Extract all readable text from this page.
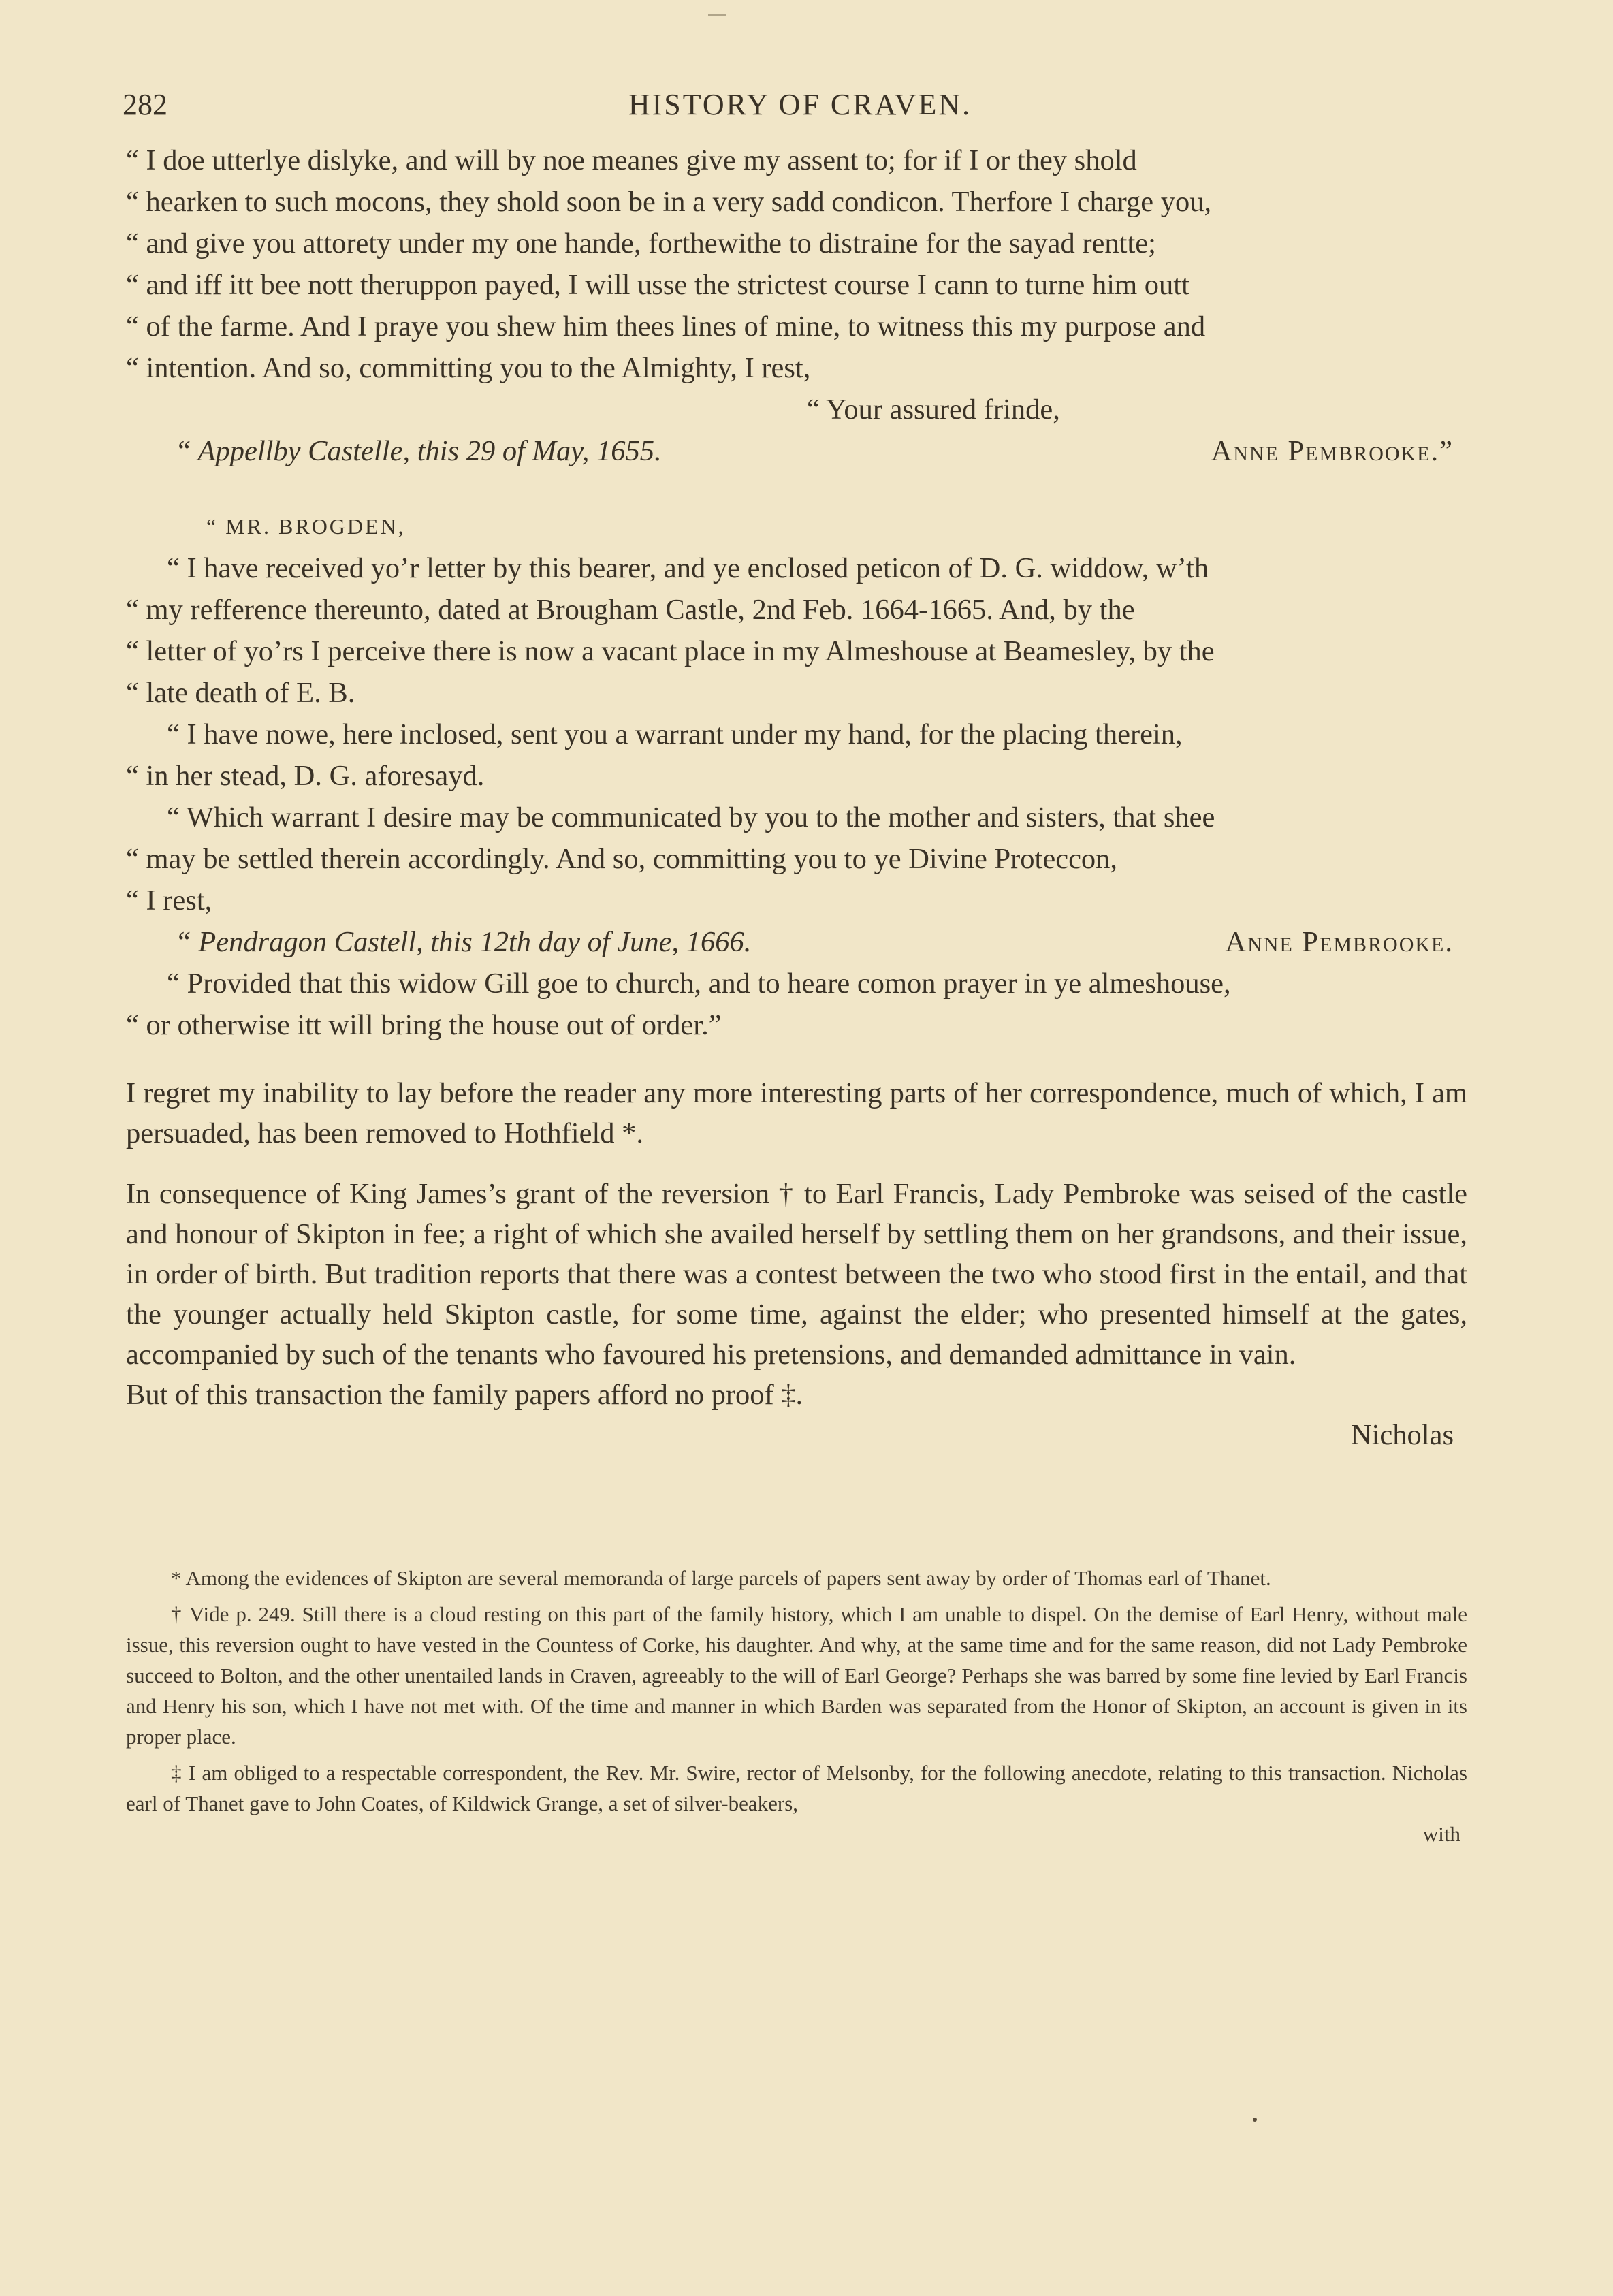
282	HISTORY OF CRAVEN.
“ I doe utterlye dislyke, and will by noe meanes give my assent to; for if I or they shold
“ hearken to such mocons, they shold soon be in a very sadd condicon. Therfore I charge you,
“ and give you attorety under my one hande, forthewithe to distraine for the sayad rentte;
“ and iff itt bee nott theruppon payed, I will usse the strictest course I cann to turne him outt
“ of the farme. And I praye you shew him thees lines of mine, to witness this my purpose and
“ intention. And so, committing you to the Almighty, I rest,
“ Your assured frinde,
“ Appellby Castelle, this 29 of May, 1655.	Anne Pembrooke.”
“ MR. BROGDEN,
“ I have received yo’r letter by this bearer, and ye enclosed peticon of D. G. widdow, w’th
“ my refference thereunto, dated at Brougham Castle, 2nd Feb. 1664-1665. And, by the
“ letter of yo’rs I perceive there is now a vacant place in my Almeshouse at Beamesley, by the
“ late death of E. B.
“ I have nowe, here inclosed, sent you a warrant under my hand, for the placing therein,
“ in her stead, D. G. aforesayd.
“ Which warrant I desire may be communicated by you to the mother and sisters, that shee
“ may be settled therein accordingly. And so, committing you to ye Divine Proteccon,
“ I rest,
“ Pendragon Castell, this 12th day of June, 1666.	Anne Pembrooke.
“ Provided that this widow Gill goe to church, and to heare comon prayer in ye almeshouse,
“ or otherwise itt will bring the house out of order.”

I regret my inability to lay before the reader any more interesting parts of her correspondence, much of which, I am persuaded, has been removed to Hothfield *.

In consequence of King James’s grant of the reversion † to Earl Francis, Lady Pembroke was seised of the castle and honour of Skipton in fee; a right of which she availed herself by settling them on her grandsons, and their issue, in order of birth. But tradition reports that there was a contest between the two who stood first in the entail, and that the younger actually held Skipton castle, for some time, against the elder; who presented himself at the gates, accompanied by such of the tenants who favoured his pretensions, and demanded admittance in vain.

But of this transaction the family papers afford no proof ‡.

Nicholas

* Among the evidences of Skipton are several memoranda of large parcels of papers sent away by order of Thomas earl of Thanet.

† Vide p. 249. Still there is a cloud resting on this part of the family history, which I am unable to dispel. On the demise of Earl Henry, without male issue, this reversion ought to have vested in the Countess of Corke, his daughter. And why, at the same time and for the same reason, did not Lady Pembroke succeed to Bolton, and the other unentailed lands in Craven, agreeably to the will of Earl George? Perhaps she was barred by some fine levied by Earl Francis and Henry his son, which I have not met with. Of the time and manner in which Barden was separated from the Honor of Skipton, an account is given in its proper place.

‡ I am obliged to a respectable correspondent, the Rev. Mr. Swire, rector of Melsonby, for the following anecdote, relating to this transaction. Nicholas earl of Thanet gave to John Coates, of Kildwick Grange, a set of silver-beakers,

with
